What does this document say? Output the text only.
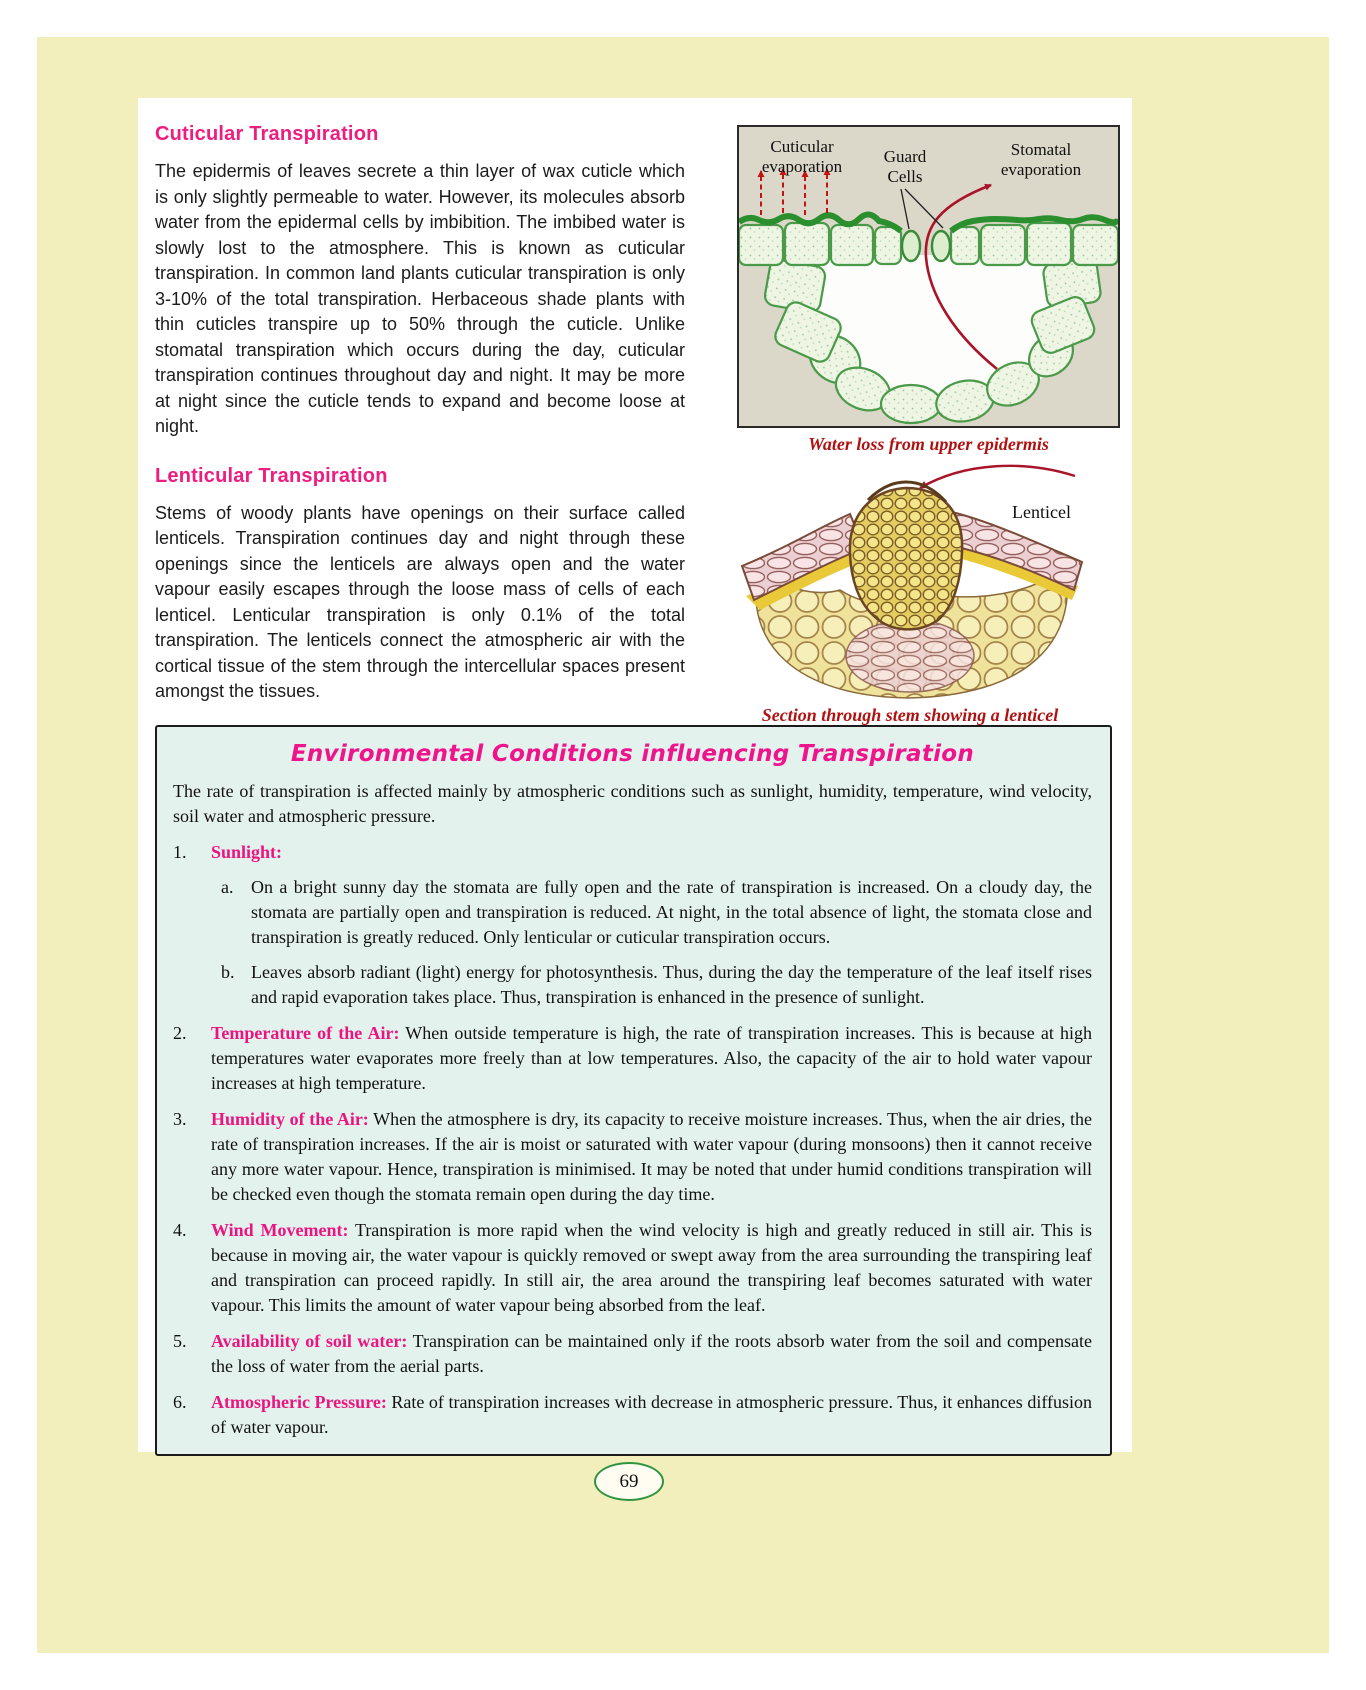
Cuticular Transpiration

The epidermis of leaves secrete a thin layer of wax cuticle which is only slightly permeable to water. However, its molecules absorb water from the epidermal cells by imbibition. The imbibed water is slowly lost to the atmosphere. This is known as cuticular transpiration. In common land plants cuticular transpiration is only 3-10% of the total transpiration. Herbaceous shade plants with thin cuticles transpire up to 50% through the cuticle. Unlike stomatal transpiration which occurs during the day, cuticular transpiration continues throughout day and night. It may be more at night since the cuticle tends to expand and become loose at night.

Lenticular Transpiration

Stems of woody plants have openings on their surface called lenticels. Transpiration continues day and night through these openings since the lenticels are always open and the water vapour easily escapes through the loose mass of cells of each lenticel. Lenticular transpiration is only 0.1% of the total transpiration. The lenticels connect the atmospheric air with the cortical tissue of the stem through the intercellular spaces present amongst the tissues.

Cuticular evaporation
Guard Cells
Stomatal evaporation
Water loss from upper epidermis
Lenticel
Section through stem showing a lenticel
Environmental Conditions influencing Transpiration

The rate of transpiration is affected mainly by atmospheric conditions such as sunlight, humidity, temperature, wind velocity, soil water and atmospheric pressure.

1.	Sunlight:
a. On a bright sunny day the stomata are fully open and the rate of transpiration is increased. On a cloudy day, the stomata are partially open and transpiration is reduced. At night, in the total absence of light, the stomata close and transpiration is greatly reduced. Only lenticular or cuticular transpiration occurs.
b. Leaves absorb radiant (light) energy for photosynthesis. Thus, during the day the temperature of the leaf itself rises and rapid evaporation takes place. Thus, transpiration is enhanced in the presence of sunlight.
2.	Temperature of the Air: When outside temperature is high, the rate of transpiration increases. This is because at high temperatures water evaporates more freely than at low temperatures. Also, the capacity of the air to hold water vapour increases at high temperature.
3.	Humidity of the Air: When the atmosphere is dry, its capacity to receive moisture increases. Thus, when the air dries, the rate of transpiration increases. If the air is moist or saturated with water vapour (during monsoons) then it cannot receive any more water vapour. Hence, transpiration is minimised. It may be noted that under humid conditions transpiration will be checked even though the stomata remain open during the day time.
4.	Wind Movement: Transpiration is more rapid when the wind velocity is high and greatly reduced in still air. This is because in moving air, the water vapour is quickly removed or swept away from the area surrounding the transpiring leaf and transpiration can proceed rapidly. In still air, the area around the transpiring leaf becomes saturated with water vapour. This limits the amount of water vapour being absorbed from the leaf.
5.	Availability of soil water: Transpiration can be maintained only if the roots absorb water from the soil and compensate the loss of water from the aerial parts.
6.	Atmospheric Pressure: Rate of transpiration increases with decrease in atmospheric pressure. Thus, it enhances diffusion of water vapour.
69
